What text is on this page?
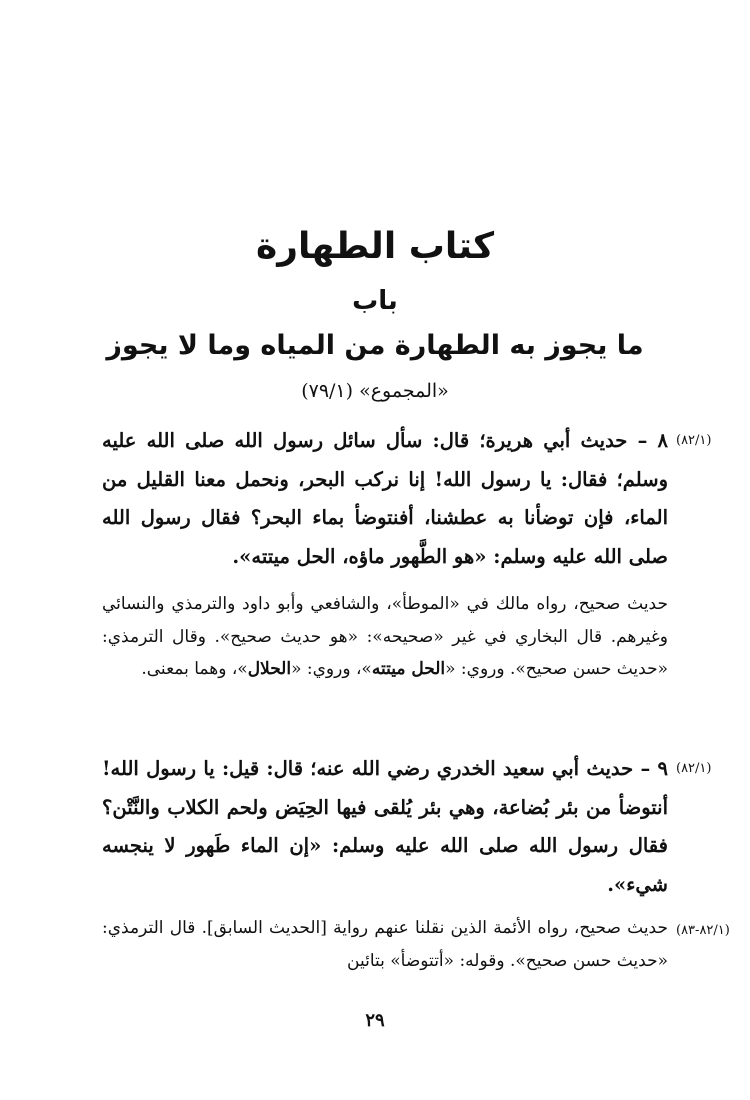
كتاب الطهارة
باب
ما يجوز به الطهارة من المياه وما لا يجوز
«المجموع» (٧٩/١)
(٨٢/١)
٨ – حديث أبي هريرة؛ قال: سأل سائل رسول الله صلى الله عليه وسلم؛ فقال: يا رسول الله! إنا نركب البحر، ونحمل معنا القليل من الماء، فإن توضأنا به عطشنا، أفنتوضأ بماء البحر؟ فقال رسول الله صلى الله عليه وسلم: «هو الطَّهور ماؤه، الحل ميتته».
حديث صحيح، رواه مالك في «الموطأ»، والشافعي وأبو داود والترمذي والنسائي وغيرهم. قال البخاري في غير «صحيحه»: «هو حديث صحيح». وقال الترمذي: «حديث حسن صحيح». وروي: «الحل ميتته»، وروي: «الحلال»، وهما بمعنى.
(٨٢/١)
٩ – حديث أبي سعيد الخدري رضي الله عنه؛ قال: قيل: يا رسول الله! أنتوضأ من بئر بُضاعة، وهي بئر يُلقى فيها الحِيَض ولحم الكلاب والنَّتْن؟ فقال رسول الله صلى الله عليه وسلم: «إن الماء طَهور لا ينجسه شيء».
(٨٢/١-٨٣)
حديث صحيح، رواه الأئمة الذين نقلنا عنهم رواية [الحديث السابق]. قال الترمذي: «حديث حسن صحيح». وقوله: «أتتوضأ» بتائين
٢٩
